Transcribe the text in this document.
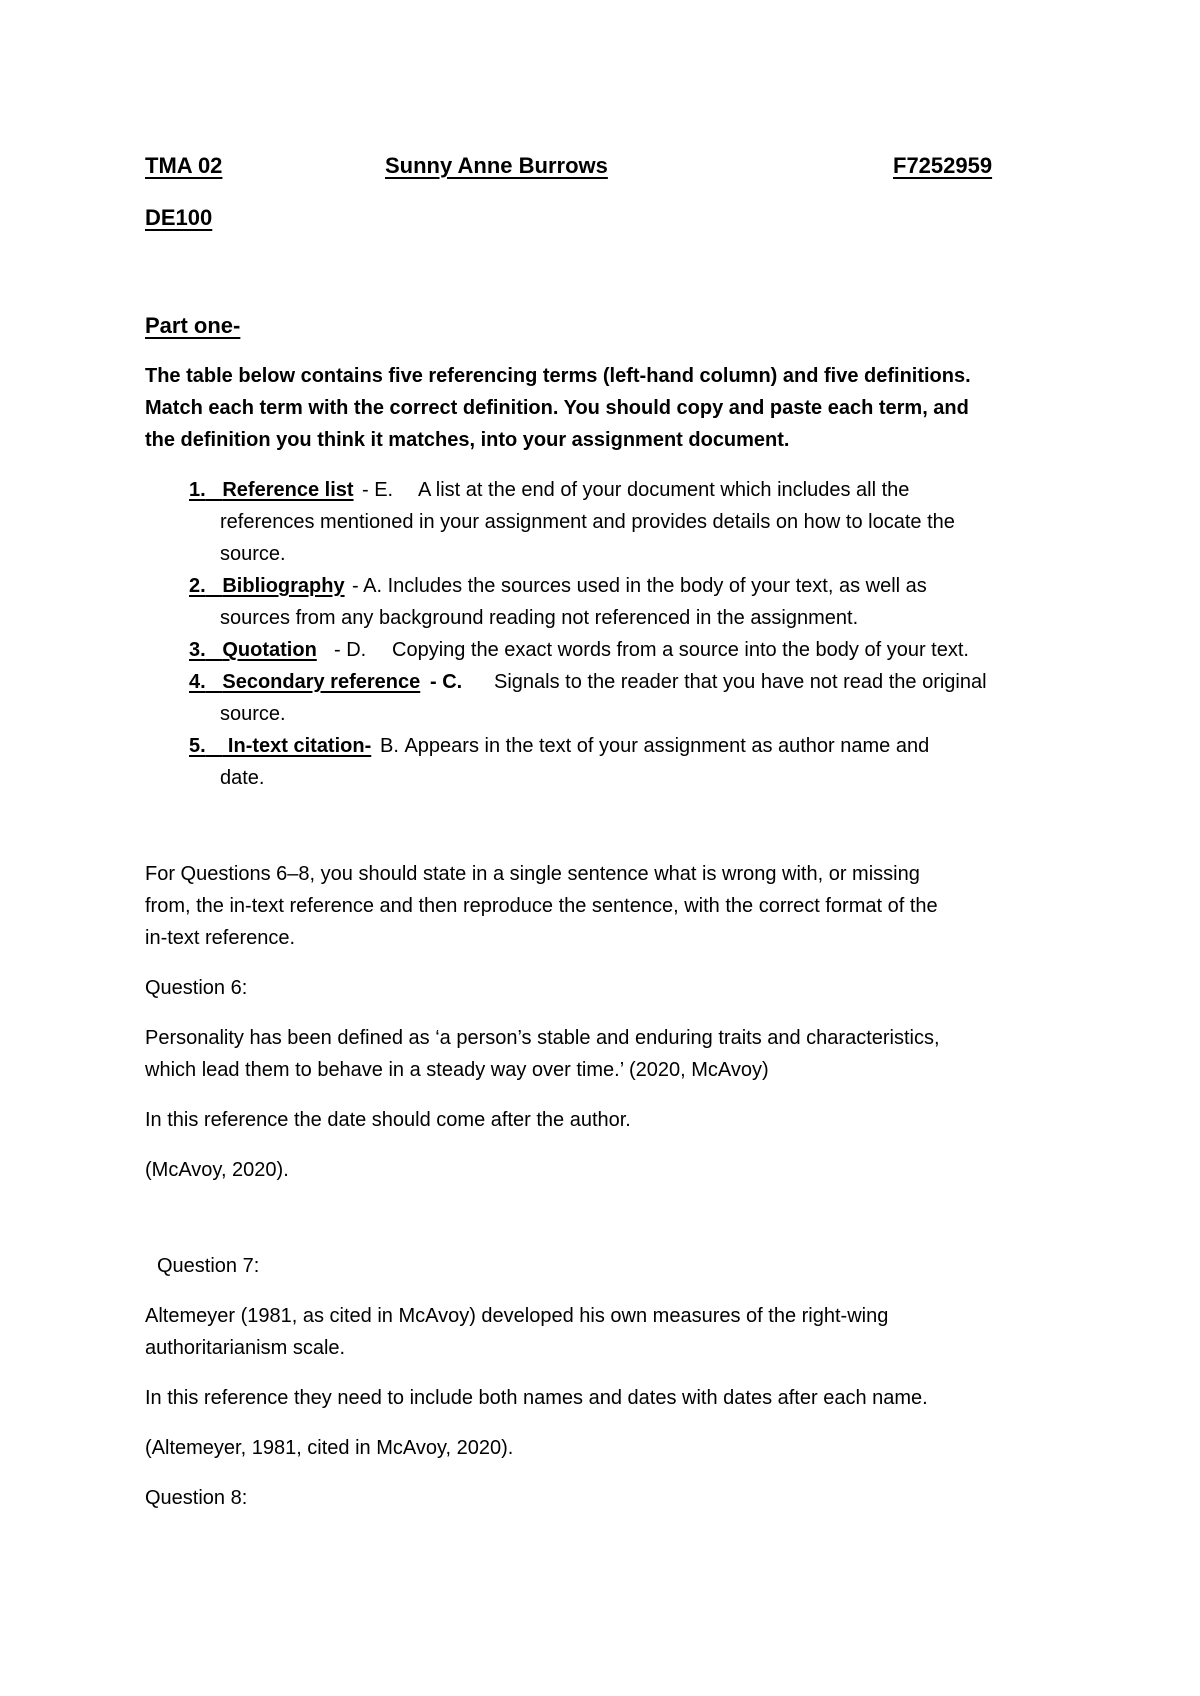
TMA 02	Sunny Anne Burrows	F7252959
DE100
Part one-
The table below contains five referencing terms (left-hand column) and five definitions.
Match each term with the correct definition. You should copy and paste each term, and
the definition you think it matches, into your assignment document.
1. Reference list - E. A list at the end of your document which includes all the
references mentioned in your assignment and provides details on how to locate the
source.
2. Bibliography - A. Includes the sources used in the body of your text, as well as
sources from any background reading not referenced in the assignment.
3. Quotation - D. Copying the exact words from a source into the body of your text.
4. Secondary reference - C. Signals to the reader that you have not read the original
source.
5.    In-text citation- B. Appears in the text of your assignment as author name and
date.
For Questions 6–8, you should state in a single sentence what is wrong with, or missing
from, the in-text reference and then reproduce the sentence, with the correct format of the
in-text reference.
Question 6:
Personality has been defined as ‘a person’s stable and enduring traits and characteristics,
which lead them to behave in a steady way over time.’ (2020, McAvoy)
In this reference the date should come after the author.
(McAvoy, 2020).
Question 7:
Altemeyer (1981, as cited in McAvoy) developed his own measures of the right-wing
authoritarianism scale.
In this reference they need to include both names and dates with dates after each name.
(Altemeyer, 1981, cited in McAvoy, 2020).
Question 8:
